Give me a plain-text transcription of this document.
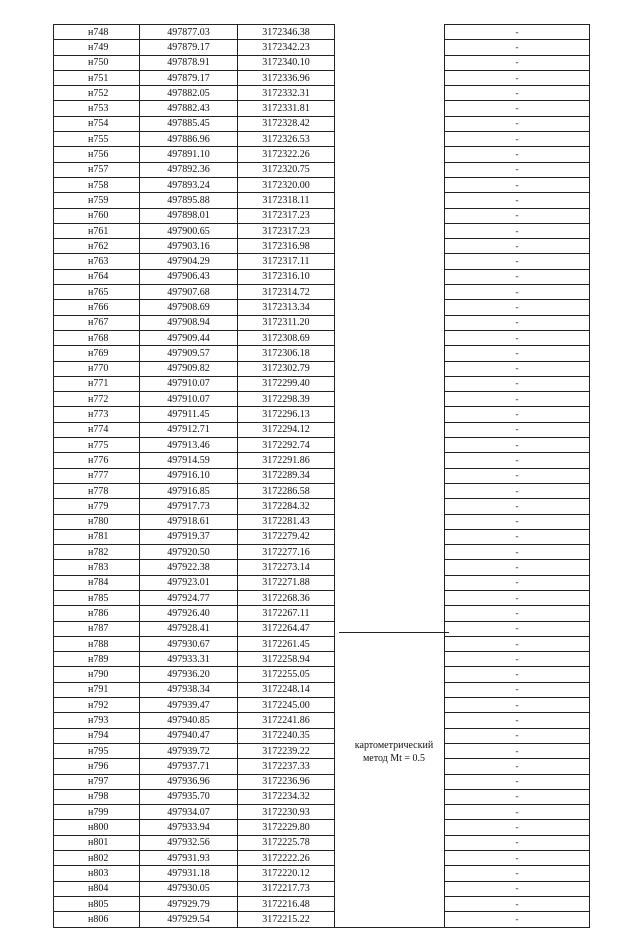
н748	497877.03	3172346.38		-
н749	497879.17	3172342.23		-
н750	497878.91	3172340.10		-
н751	497879.17	3172336.96		-
н752	497882.05	3172332.31		-
н753	497882.43	3172331.81		-
н754	497885.45	3172328.42		-
н755	497886.96	3172326.53		-
н756	497891.10	3172322.26		-
н757	497892.36	3172320.75		-
н758	497893.24	3172320.00		-
н759	497895.88	3172318.11		-
н760	497898.01	3172317.23		-
н761	497900.65	3172317.23		-
н762	497903.16	3172316.98		-
н763	497904.29	3172317.11		-
н764	497906.43	3172316.10		-
н765	497907.68	3172314.72		-
н766	497908.69	3172313.34		-
н767	497908.94	3172311.20		-
н768	497909.44	3172308.69		-
н769	497909.57	3172306.18		-
н770	497909.82	3172302.79		-
н771	497910.07	3172299.40		-
н772	497910.07	3172298.39		-
н773	497911.45	3172296.13		-
н774	497912.71	3172294.12		-
н775	497913.46	3172292.74		-
н776	497914.59	3172291.86		-
н777	497916.10	3172289.34		-
н778	497916.85	3172286.58		-
н779	497917.73	3172284.32		-
н780	497918.61	3172281.43		-
н781	497919.37	3172279.42		-
н782	497920.50	3172277.16		-
н783	497922.38	3172273.14		-
н784	497923.01	3172271.88		-
н785	497924.77	3172268.36		-
н786	497926.40	3172267.11		-
н787	497928.41	3172264.47		-
н788	497930.67	3172261.45		-
н789	497933.31	3172258.94		-
н790	497936.20	3172255.05		-
н791	497938.34	3172248.14		-
н792	497939.47	3172245.00		-
н793	497940.85	3172241.86		-
н794	497940.47	3172240.35		-
н795	497939.72	3172239.22		-
н796	497937.71	3172237.33		-
н797	497936.96	3172236.96		-
н798	497935.70	3172234.32		-
н799	497934.07	3172230.93		-
н800	497933.94	3172229.80		-
н801	497932.56	3172225.78		-
н802	497931.93	3172222.26		-
н803	497931.18	3172220.12		-
н804	497930.05	3172217.73		-
н805	497929.79	3172216.48		-
н806	497929.54	3172215.22		-
картометрический
метод Mt = 0.5
